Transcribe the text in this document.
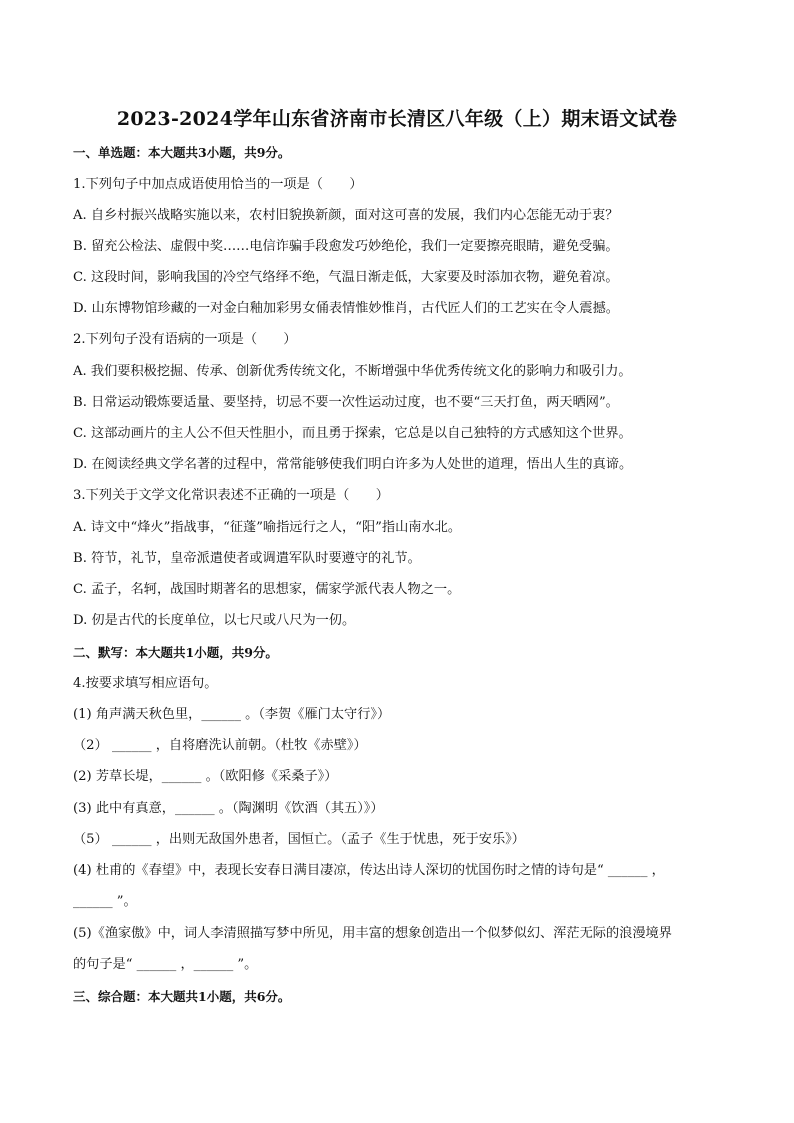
2023-2024学年山东省济南市长清区八年级（上）期末语文试卷
一、单选题：本大题共3小题，共9分。
1.下列句子中加点成语使用恰当的一项是（　　）
A. 自乡村振兴战略实施以来，农村旧貌换新颜，面对这可喜的发展，我们内心怎能无动于衷？
B. 留充公检法、虚假中奖……电信诈骗手段愈发巧妙绝伦，我们一定要擦亮眼睛，避免受骗。
C. 这段时间，影响我国的冷空气络绎不绝，气温日渐走低，大家要及时添加衣物，避免着凉。
D. 山东博物馆珍藏的一对金白釉加彩男女俑表情惟妙惟肖，古代匠人们的工艺实在令人震撼。
2.下列句子没有语病的一项是（　　）
A. 我们要积极挖掘、传承、创新优秀传统文化，不断增强中华优秀传统文化的影响力和吸引力。
B. 日常运动锻炼要适量、要坚持，切忌不要一次性运动过度，也不要“三天打鱼，两天晒网”。
C. 这部动画片的主人公不但天性胆小，而且勇于探索，它总是以自己独特的方式感知这个世界。
D. 在阅读经典文学名著的过程中，常常能够使我们明白许多为人处世的道理，悟出人生的真谛。
3.下列关于文学文化常识表述不正确的一项是（　　）
A. 诗文中“烽火”指战事，“征蓬”喻指远行之人，“阳”指山南水北。
B. 符节，礼节，皇帝派遣使者或调遣军队时要遵守的礼节。
C. 孟子，名轲，战国时期著名的思想家，儒家学派代表人物之一。
D. 仞是古代的长度单位，以七尺或八尺为一仞。
二、默写：本大题共1小题，共9分。
4.按要求填写相应语句。
(1) 角声满天秋色里，______ 。（李贺《雁门太守行》）
（2） ______ ，自将磨洗认前朝。（杜牧《赤壁》）
(2) 芳草长堤，______ 。（欧阳修《采桑子》）
(3) 此中有真意，______ 。（陶渊明《饮酒（其五）》）
（5） ______ ，出则无敌国外患者，国恒亡。（孟子《生于忧患，死于安乐》）
(4) 杜甫的《春望》中，表现长安春日满目凄凉，传达出诗人深切的忧国伤时之情的诗句是“ ______ ，
______ ”。
(5)《渔家傲》中，词人李清照描写梦中所见，用丰富的想象创造出一个似梦似幻、浑茫无际的浪漫境界
的句子是“ ______ ，______ ”。
三、综合题：本大题共1小题，共6分。
